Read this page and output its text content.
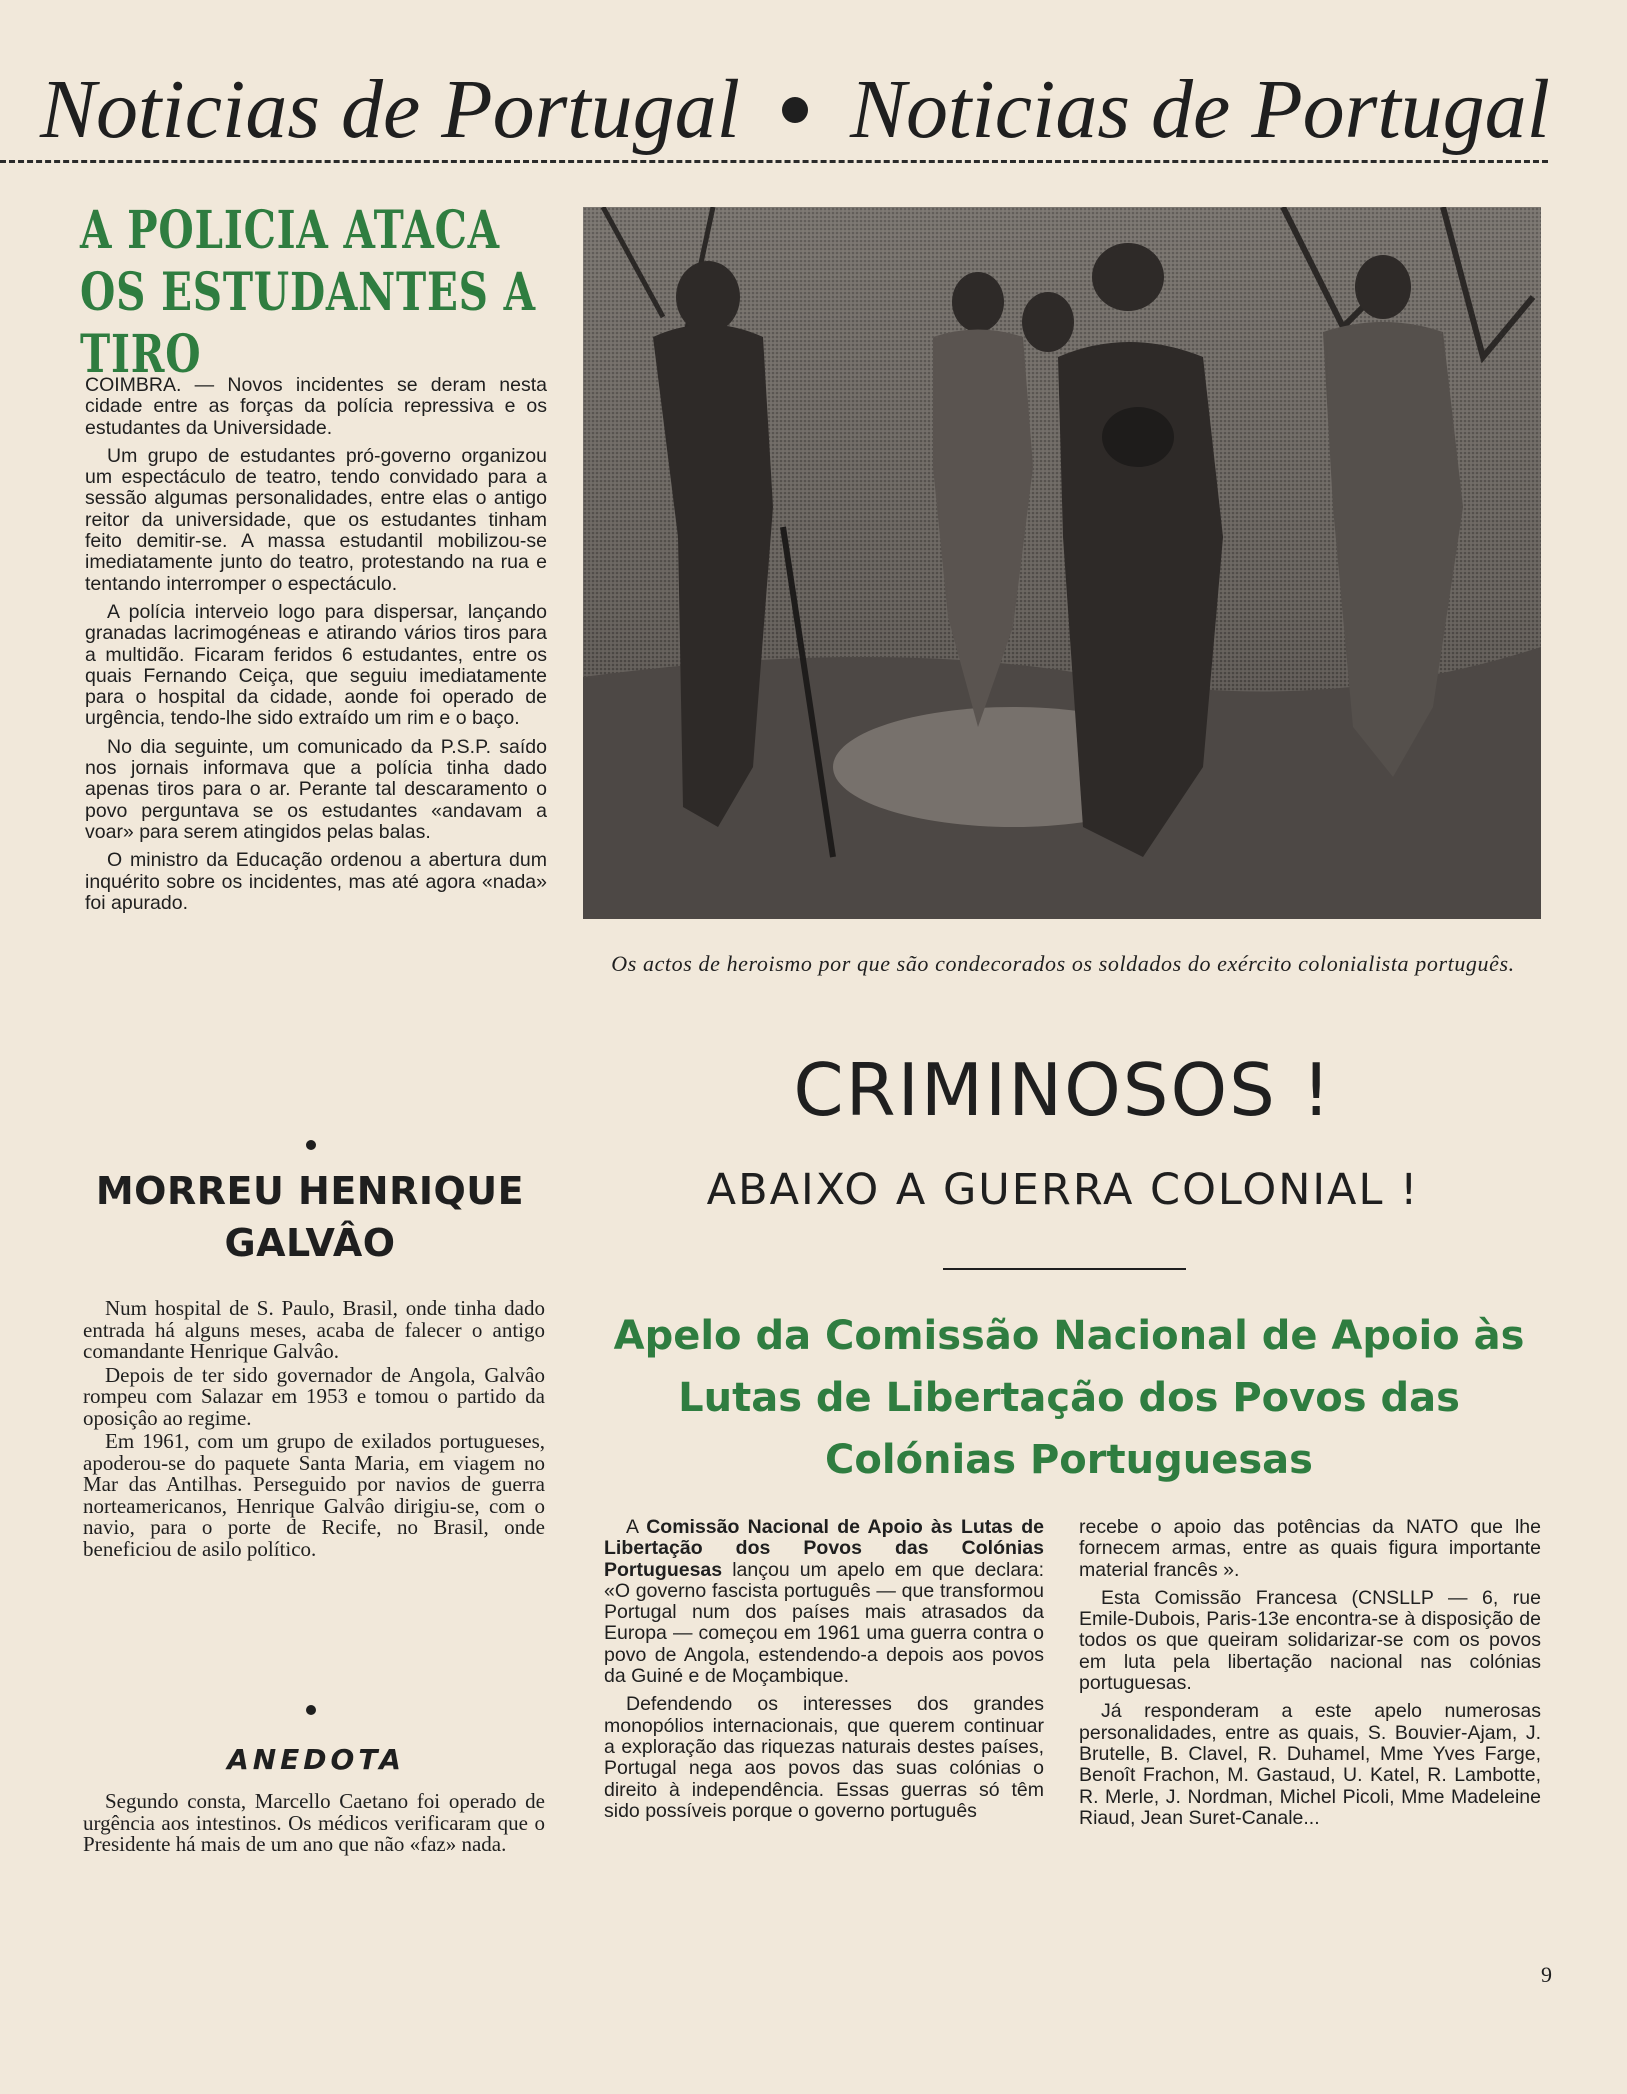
Noticias de Portugal Noticias de Portugal
A POLICIA ATACA OS ESTUDANTES A TIRO

COIMBRA. — Novos incidentes se deram nesta cidade entre as forças da polícia repressiva e os estudantes da Universidade.

Um grupo de estudantes pró-governo organizou um espectáculo de teatro, tendo convidado para a sessão algumas personalidades, entre elas o antigo reitor da universidade, que os estudantes tinham feito demitir-se. A massa estudantil mobilizou-se imediatamente junto do teatro, protestando na rua e tentando interromper o espectáculo.

A polícia interveio logo para dispersar, lançando granadas lacrimogéneas e atirando vários tiros para a multidão. Ficaram feridos 6 estudantes, entre os quais Fernando Ceiça, que seguiu imediatamente para o hospital da cidade, aonde foi operado de urgência, tendo-lhe sido extraído um rim e o baço.

No dia seguinte, um comunicado da P.S.P. saído nos jornais informava que a polícia tinha dado apenas tiros para o ar. Perante tal descaramento o povo perguntava se os estudantes «andavam a voar» para serem atingidos pelas balas.

O ministro da Educação ordenou a abertura dum inquérito sobre os incidentes, mas até agora «nada» foi apurado.

MORREU HENRIQUE GALVÂO

Num hospital de S. Paulo, Brasil, onde tinha dado entrada há alguns meses, acaba de falecer o antigo comandante Henrique Galvâo.

Depois de ter sido governador de Angola, Galvâo rompeu com Salazar em 1953 e tomou o partido da oposiçâo ao regime.

Em 1961, com um grupo de exilados portugueses, apoderou-se do paquete Santa Maria, em viagem no Mar das Antilhas. Perseguido por navios de guerra norteamericanos, Henrique Galvâo dirigiu-se, com o navio, para o porte de Recife, no Brasil, onde beneficiou de asilo político.

ANEDOTA

Segundo consta, Marcello Caetano foi operado de urgência aos intestinos. Os médicos verificaram que o Presidente há mais de um ano que não «faz» nada.

Os actos de heroismo por que são condecorados os soldados do exército colonialista português.
CRIMINOSOS !
ABAIXO A GUERRA COLONIAL !
Apelo da Comissão Nacional de Apoio às Lutas de Libertação dos Povos das Colónias Portuguesas

A Comissão Nacional de Apoio às Lutas de Libertação dos Povos das Colónias Portuguesas lançou um apelo em que declara: «O governo fascista português — que transformou Portugal num dos países mais atrasados da Europa — começou em 1961 uma guerra contra o povo de Angola, estendendo-a depois aos povos da Guiné e de Moçambique.

Defendendo os interesses dos grandes monopólios internacionais, que querem continuar a exploração das riquezas naturais destes países, Portugal nega aos povos das suas colónias o direito à independência. Essas guerras só têm sido possíveis porque o governo português

recebe o apoio das potências da NATO que lhe fornecem armas, entre as quais figura importante material francês ».

Esta Comissão Francesa (CNSLLP — 6, rue Emile-Dubois, Paris-13e encontra-se à disposição de todos os que queiram solidarizar-se com os povos em luta pela libertação nacional nas colónias portuguesas.

Já responderam a este apelo numerosas personalidades, entre as quais, S. Bouvier-Ajam, J. Brutelle, B. Clavel, R. Duhamel, Mme Yves Farge, Benoît Frachon, M. Gastaud, U. Katel, R. Lambotte, R. Merle, J. Nordman, Michel Picoli, Mme Madeleine Riaud, Jean Suret-Canale...

9
